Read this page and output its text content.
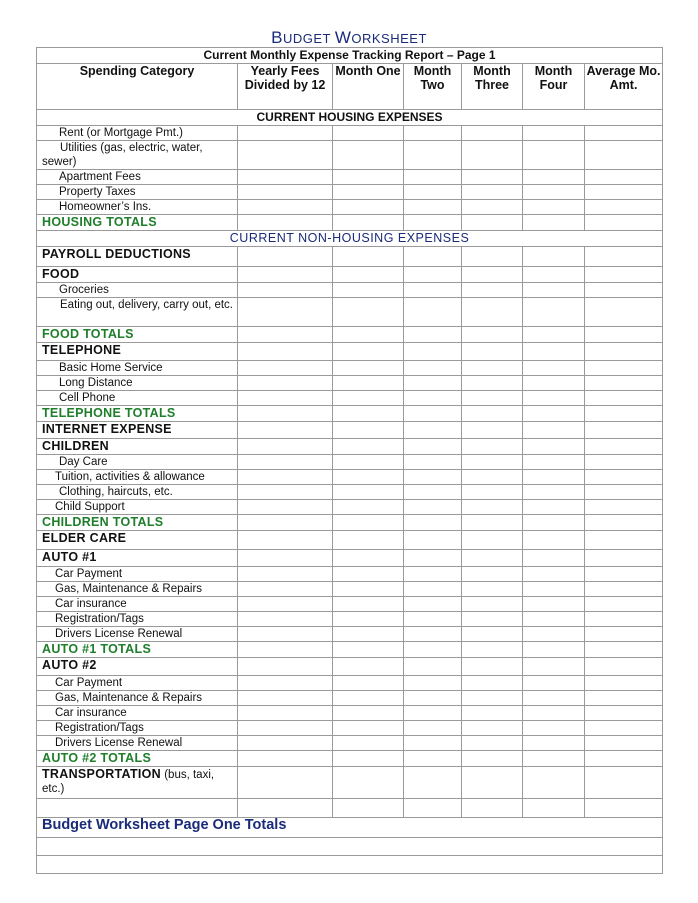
BUDGET WORKSHEET
Current Monthly Expense Tracking Report – Page 1						
Spending Category	Yearly Fees Divided by 12	Month One	Month Two	Month Three	Month Four	Average Mo. Amt.
CURRENT HOUSING EXPENSES						
Rent (or Mortgage Pmt.)						
Utilities (gas, electric, water, sewer)						
Apartment Fees						
Property Taxes						
Homeowner’s Ins.						
HOUSING TOTALS						
CURRENT NON-HOUSING EXPENSES						
PAYROLL DEDUCTIONS						
FOOD						
Groceries						
Eating out, delivery, carry out, etc.						
FOOD TOTALS						
TELEPHONE						
Basic Home Service						
Long Distance						
Cell Phone						
TELEPHONE TOTALS						
INTERNET EXPENSE						
CHILDREN						
Day Care						
Tuition, activities & allowance						
Clothing, haircuts, etc.						
Child Support						
CHILDREN TOTALS						
ELDER CARE						
AUTO #1						
Car Payment						
Gas, Maintenance & Repairs						
Car insurance						
Registration/Tags						
Drivers License Renewal						
AUTO #1 TOTALS						
AUTO #2						
Car Payment						
Gas, Maintenance & Repairs						
Car insurance						
Registration/Tags						
Drivers License Renewal						
AUTO #2 TOTALS						
TRANSPORTATION (bus, taxi, etc.)						

Budget Worksheet Page One Totals						
